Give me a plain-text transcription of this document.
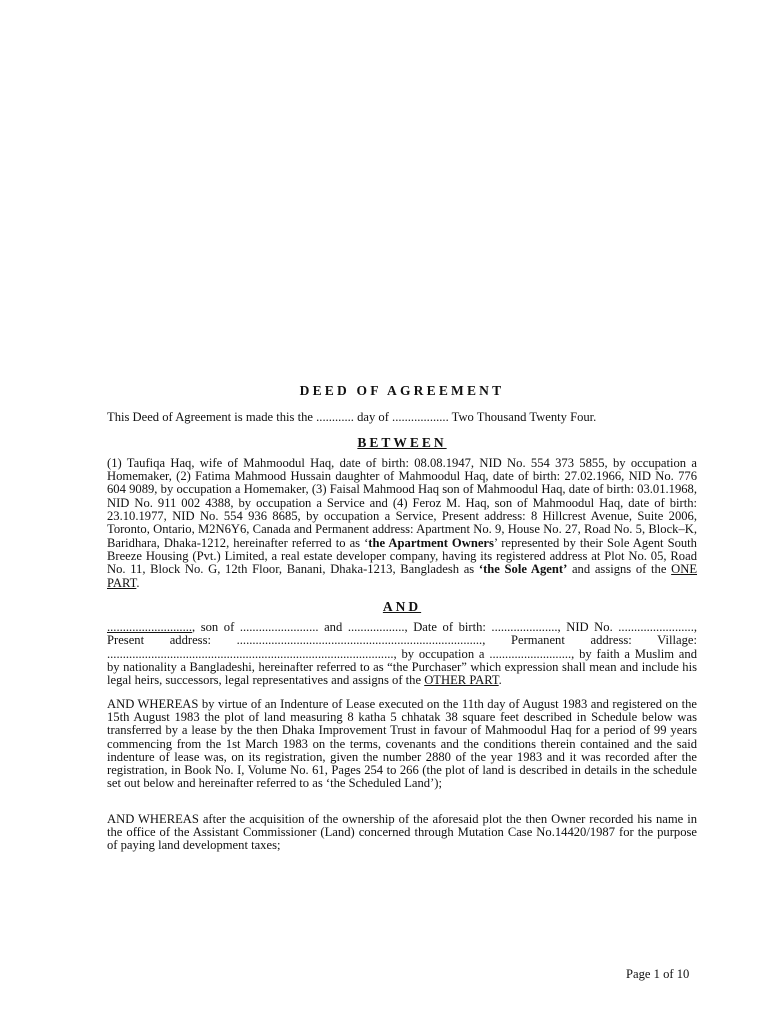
DEED OF AGREEMENT

This Deed of Agreement is made this the ............ day of .................. Two Thousand Twenty Four.

BETWEEN

(1) Taufiqa Haq, wife of Mahmoodul Haq, date of birth: 08.08.1947, NID No. 554 373 5855, by occupation a Homemaker, (2) Fatima Mahmood Hussain daughter of Mahmoodul Haq, date of birth: 27.02.1966, NID No. 776 604 9089, by occupation a Homemaker, (3) Faisal Mahmood Haq son of Mahmoodul Haq, date of birth: 03.01.1968, NID No. 911 002 4388, by occupation a Service and (4) Feroz M. Haq, son of Mahmoodul Haq, date of birth: 23.10.1977, NID No. 554 936 8685, by occupation a Service, Present address: 8 Hillcrest Avenue, Suite 2006, Toronto, Ontario, M2N6Y6, Canada and Permanent address: Apartment No. 9, House No. 27, Road No. 5, Block–K, Baridhara, Dhaka-1212, hereinafter referred to as ‘the Apartment Owners’ represented by their Sole Agent South Breeze Housing (Pvt.) Limited, a real estate developer company, having its registered address at Plot No. 05, Road No. 11, Block No. G, 12th Floor, Banani, Dhaka-1213, Bangladesh as ‘the Sole Agent’ and assigns of the ONE PART.

AND

..........................., son of ......................... and .................., Date of birth: ....................., NID No. ........................, Present address: .............................................................................., Permanent address: Village: ..........................................................................................., by occupation a .........................., by faith a Muslim and by nationality a Bangladeshi, hereinafter referred to as “the Purchaser” which expression shall mean and include his legal heirs, successors, legal representatives and assigns of the OTHER PART.

AND WHEREAS by virtue of an Indenture of Lease executed on the 11th day of August 1983 and registered on the 15th August 1983 the plot of land measuring 8 katha 5 chhatak 38 square feet described in Schedule below was transferred by a lease by the then Dhaka Improvement Trust in favour of Mahmoodul Haq for a period of 99 years commencing from the 1st March 1983 on the terms, covenants and the conditions therein contained and the said indenture of lease was, on its registration, given the number 2880 of the year 1983 and it was recorded after the registration, in Book No. I, Volume No. 61, Pages 254 to 266 (the plot of land is described in details in the schedule set out below and hereinafter referred to as ‘the Scheduled Land’);

AND WHEREAS after the acquisition of the ownership of the aforesaid plot the then Owner recorded his name in the office of the Assistant Commissioner (Land) concerned through Mutation Case No.14420/1987 for the purpose of paying land development taxes;

Page 1 of 10
